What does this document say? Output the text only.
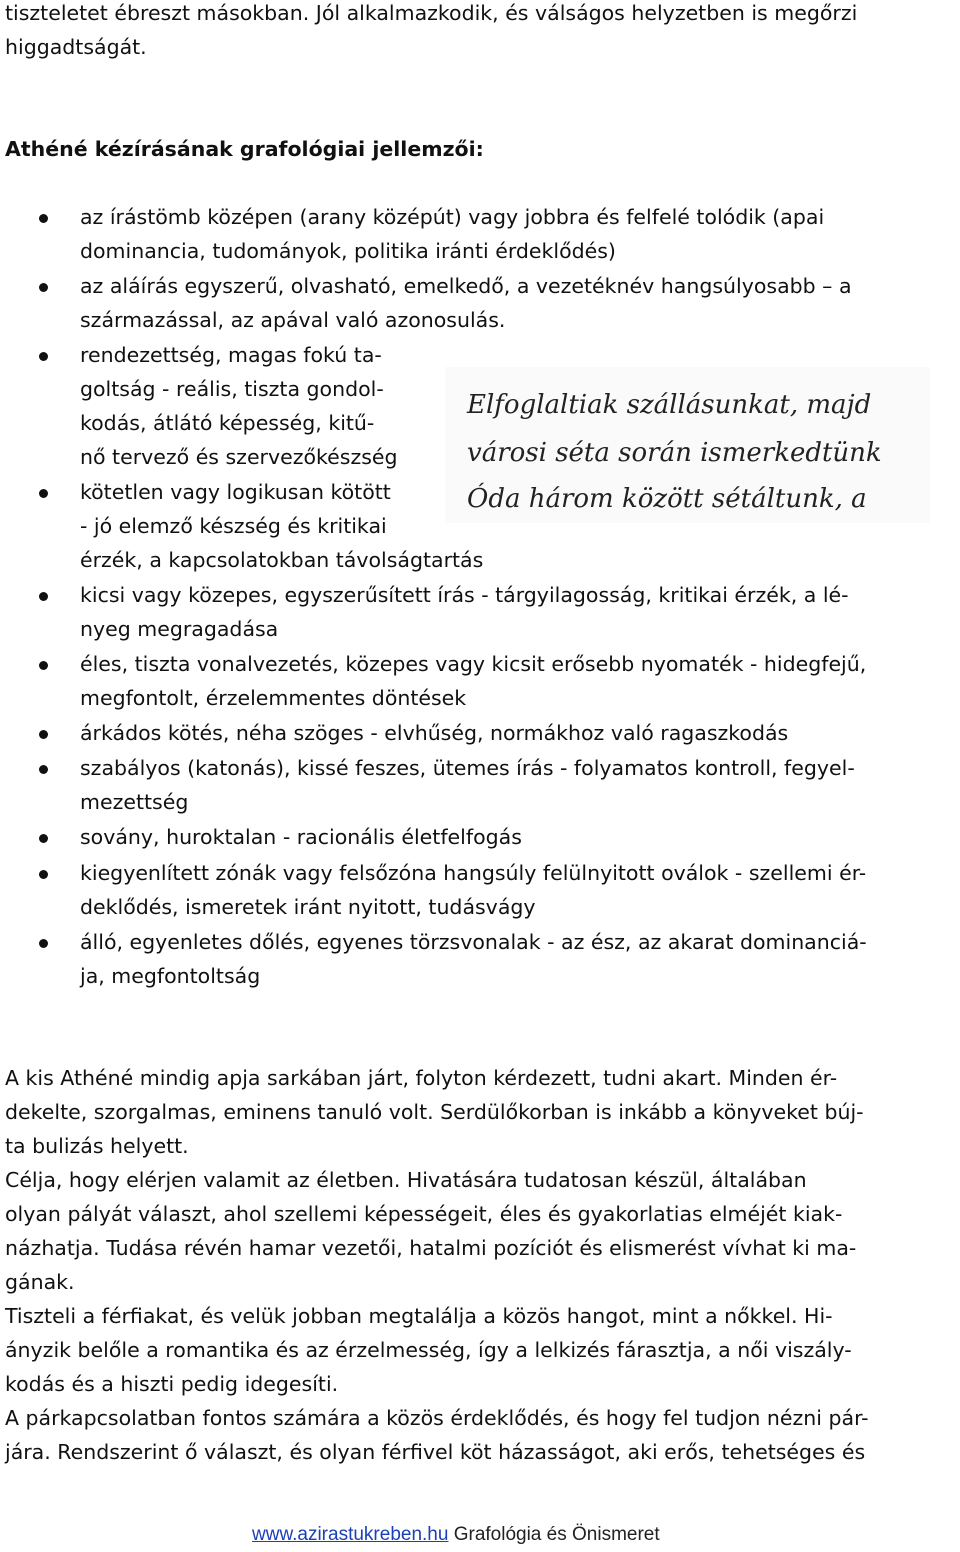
tiszteletet ébreszt másokban. Jól alkalmazkodik, és válságos helyzetben is megőrzi
higgadtságát.
Athéné kézírásának grafológiai jellemzői:
az írástömb középen (arany középút) vagy jobbra és felfelé tolódik (apai
dominancia, tudományok, politika iránti érdeklődés)
az aláírás egyszerű, olvasható, emelkedő, a vezetéknév hangsúlyosabb – a
származással, az apával való azonosulás.
rendezettség, magas fokú ta-
goltság - reális, tiszta gondol-
kodás, átlátó képesség, kitű-
nő tervező és szervezőkészség
kötetlen vagy logikusan kötött
- jó elemző készség és kritikai
érzék, a kapcsolatokban távolságtartás
Elfoglaltiak szállásunkat, majd
városi séta során ismerkedtünk
Óda három között sétáltunk, a
kicsi vagy közepes, egyszerűsített írás - tárgyilagosság, kritikai érzék, a lé-
nyeg megragadása
éles, tiszta vonalvezetés, közepes vagy kicsit erősebb nyomaték - hidegfejű,
megfontolt, érzelemmentes döntések
árkádos kötés, néha szöges - elvhűség, normákhoz való ragaszkodás
szabályos (katonás), kissé feszes, ütemes írás - folyamatos kontroll, fegyel-
mezettség
sovány, huroktalan - racionális életfelfogás
kiegyenlített zónák vagy felsőzóna hangsúly felülnyitott oválok - szellemi ér-
deklődés, ismeretek iránt nyitott, tudásvágy
álló, egyenletes dőlés, egyenes törzsvonalak - az ész, az akarat dominanciá-
ja, megfontoltság
A kis Athéné mindig apja sarkában járt, folyton kérdezett, tudni akart. Minden ér-
dekelte, szorgalmas, eminens tanuló volt. Serdülőkorban is inkább a könyveket búj-
ta bulizás helyett.
Célja, hogy elérjen valamit az életben. Hivatására tudatosan készül, általában
olyan pályát választ, ahol szellemi képességeit, éles és gyakorlatias elméjét kiak-
názhatja. Tudása révén hamar vezetői, hatalmi pozíciót és elismerést vívhat ki ma-
gának.
Tiszteli a férfiakat, és velük jobban megtalálja a közös hangot, mint a nőkkel. Hi-
ányzik belőle a romantika és az érzelmesség, így a lelkizés fárasztja, a női viszály-
kodás és a hiszti pedig idegesíti.
A párkapcsolatban fontos számára a közös érdeklődés, és hogy fel tudjon nézni pár-
jára. Rendszerint ő választ, és olyan férfivel köt házasságot, aki erős, tehetséges és
www.azirastukreben.hu Grafológia és Önismeret
